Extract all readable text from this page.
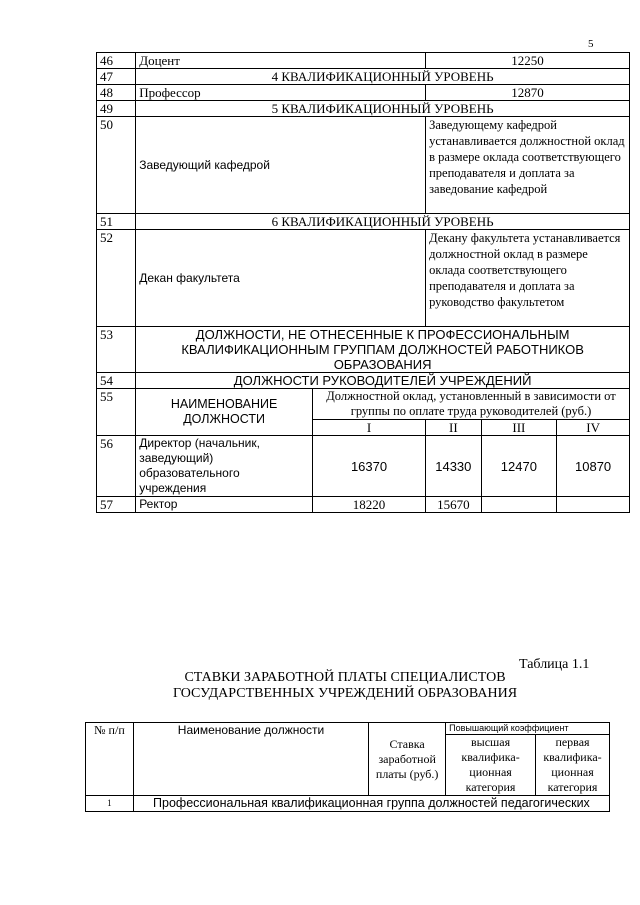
5
46	Доцент		12250		
47	4 КВАЛИФИКАЦИОННЫЙ УРОВЕНЬ				
48	Профессор		12870		
49	5 КВАЛИФИКАЦИОННЫЙ УРОВЕНЬ				
50	Заведующий кафедрой		Заведующему кафедрой устанавливается должностной оклад в размере оклада соответствующего преподавателя и доплата за заведование кафедрой		
51	6 КВАЛИФИКАЦИОННЫЙ УРОВЕНЬ				
52	Декан факультета		Декану факультета устанавливается должностной оклад в размере оклада соответствующего преподавателя и доплата за руководство факультетом		
53	ДОЛЖНОСТИ, НЕ ОТНЕСЕННЫЕ К ПРОФЕССИОНАЛЬНЫМ КВАЛИФИКАЦИОННЫМ ГРУППАМ ДОЛЖНОСТЕЙ РАБОТНИКОВ ОБРАЗОВАНИЯ				
54	ДОЛЖНОСТИ РУКОВОДИТЕЛЕЙ УЧРЕЖДЕНИЙ				
55	НАИМЕНОВАНИЕ ДОЛЖНОСТИ	Должностной оклад, установленный в зависимости от группы по оплате труда руководителей (руб.)			
		I	II	III	IV
56	Директор (начальник, заведующий) образовательного учреждения	16370	14330	12470	10870
57	Ректор	18220	15670		
Таблица 1.1
СТАВКИ ЗАРАБОТНОЙ ПЛАТЫ СПЕЦИАЛИСТОВ ГОСУДАРСТВЕННЫХ УЧРЕЖДЕНИЙ ОБРАЗОВАНИЯ
№ п/п	Наименование должности	Ставка заработной платы (руб.)	Повышающий коэффициент	
			высшая квалифика-ционная категория	первая квалифика-ционная категория
1	Профессиональная квалификационная группа должностей педагогических			
